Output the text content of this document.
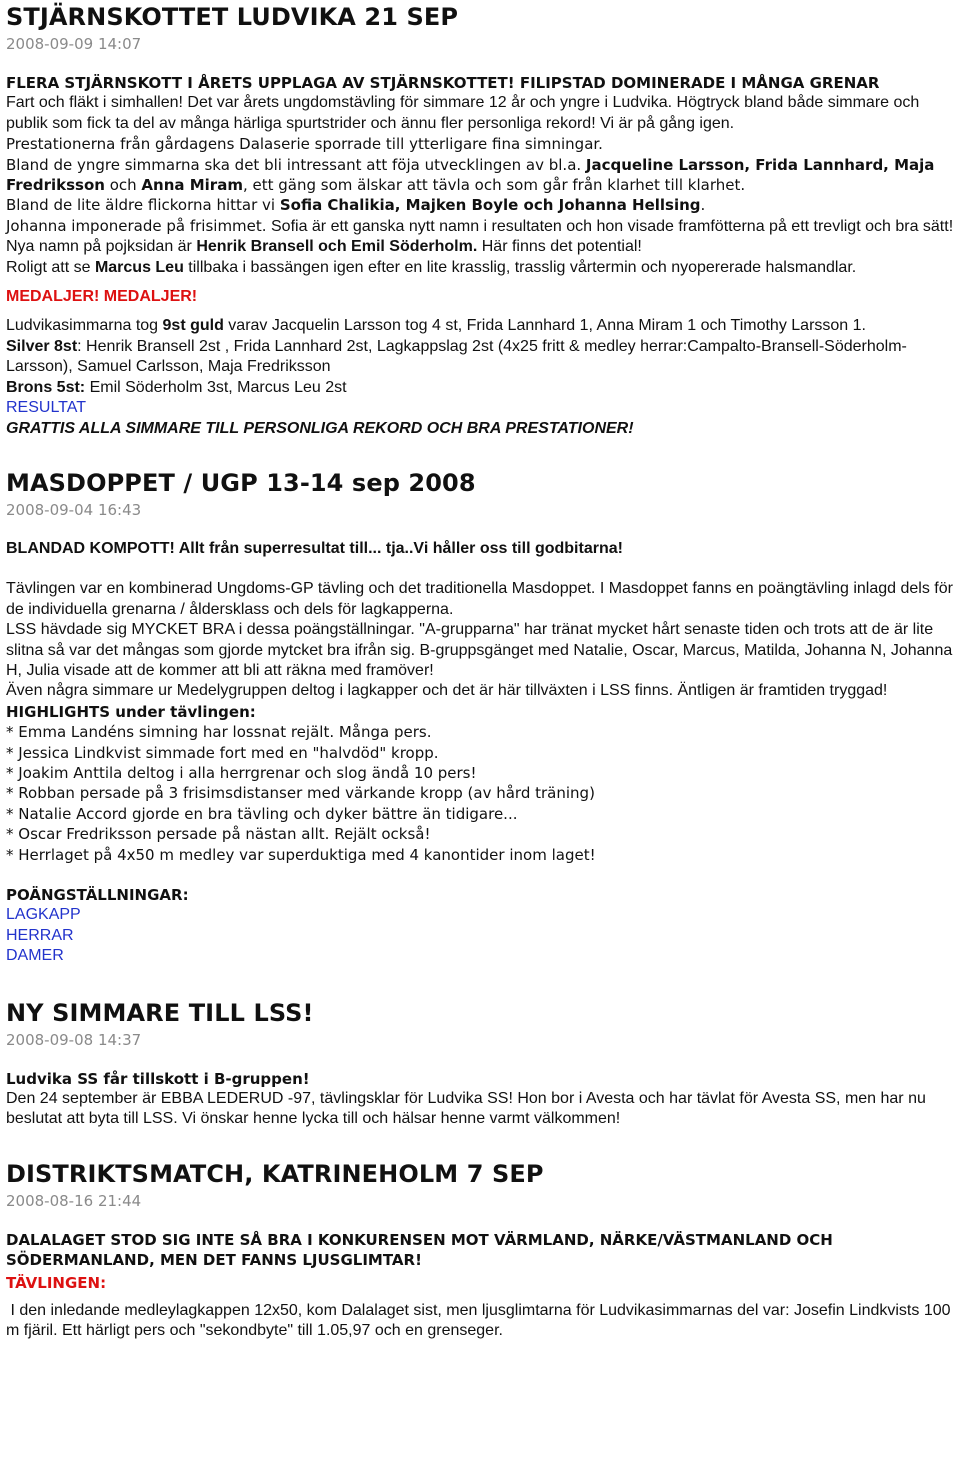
STJÄRNSKOTTET LUDVIKA 21 SEP

2008-09-09 14:07

FLERA STJÄRNSKOTT I ÅRETS UPPLAGA AV STJÄRNSKOTTET! FILIPSTAD DOMINERADE I MÅNGA GRENAR

Fart och fläkt i simhallen! Det var årets ungdomstävling för simmare 12 år och yngre i Ludvika. Högtryck bland både simmare och publik som fick ta del av många härliga spurtstrider och ännu fler personliga rekord! Vi är på gång igen.

Prestationerna från gårdagens Dalaserie sporrade till ytterligare fina simningar.

Bland de yngre simmarna ska det bli intressant att föja utvecklingen av bl.a. Jacqueline Larsson, Frida Lannhard, Maja Fredriksson och Anna Miram, ett gäng som älskar att tävla och som går från klarhet till klarhet.

Bland de lite äldre flickorna hittar vi Sofia Chalikia, Majken Boyle och Johanna Hellsing.

Johanna imponerade på frisimmet. Sofia är ett ganska nytt namn i resultaten och hon visade framfötterna på ett trevligt och bra sätt!

Nya namn på pojksidan är Henrik Bransell och Emil Söderholm. Här finns det potential!

Roligt att se Marcus Leu tillbaka i bassängen igen efter en lite krasslig, trasslig vårtermin och nyopererade halsmandlar.

MEDALJER! MEDALJER!

Ludvikasimmarna tog 9st guld varav Jacquelin Larsson tog 4 st, Frida Lannhard 1, Anna Miram 1 och Timothy Larsson 1.

Silver 8st: Henrik Bransell 2st , Frida Lannhard 2st, Lagkappslag 2st (4x25 fritt & medley herrar:Campalto-Bransell-Söderholm-Larsson), Samuel Carlsson, Maja Fredriksson

Brons 5st: Emil Söderholm 3st, Marcus Leu 2st

RESULTAT

GRATTIS ALLA SIMMARE TILL PERSONLIGA REKORD OCH BRA PRESTATIONER!

MASDOPPET / UGP 13-14 sep 2008

2008-09-04 16:43

BLANDAD KOMPOTT! Allt från superresultat till... tja..Vi håller oss till godbitarna!

Tävlingen var en kombinerad Ungdoms-GP tävling och det traditionella Masdoppet. I Masdoppet fanns en poängtävling inlagd dels för de individuella grenarna / åldersklass och dels för lagkapperna.

LSS hävdade sig MYCKET BRA i dessa poängställningar. "A-grupparna" har tränat mycket hårt senaste tiden och trots att de är lite slitna så var det mångas som gjorde mytcket bra ifrån sig. B-gruppsgänget med Natalie, Oscar, Marcus, Matilda, Johanna N, Johanna H, Julia visade att de kommer att bli att räkna med framöver!

Även några simmare ur Medelygruppen deltog i lagkapper och det är här tillväxten i LSS finns. Äntligen är framtiden tryggad!

HIGHLIGHTS under tävlingen:

* Emma Landéns simning har lossnat rejält. Många pers.

* Jessica Lindkvist simmade fort med en "halvdöd" kropp.

* Joakim Anttila deltog i alla herrgrenar och slog ändå 10 pers!

* Robban persade på 3 frisimsdistanser med värkande kropp (av hård träning)

* Natalie Accord gjorde en bra tävling och dyker bättre än tidigare...

* Oscar Fredriksson persade på nästan allt. Rejält också!

* Herrlaget på 4x50 m medley var superduktiga med 4 kanontider inom laget!

POÄNGSTÄLLNINGAR:

LAGKAPP

HERRAR

DAMER

NY SIMMARE TILL LSS!

2008-09-08 14:37

Ludvika SS får tillskott i B-gruppen!

Den 24 september är EBBA LEDERUD -97, tävlingsklar för Ludvika SS! Hon bor i Avesta och har tävlat för Avesta SS, men har nu beslutat att byta till LSS. Vi önskar henne lycka till och hälsar henne varmt välkommen!

DISTRIKTSMATCH, KATRINEHOLM 7 SEP

2008-08-16 21:44

DALALAGET STOD SIG INTE SÅ BRA I KONKURENSEN MOT VÄRMLAND, NÄRKE/VÄSTMANLAND OCH SÖDERMANLAND, MEN DET FANNS LJUSGLIMTAR!

TÄVLINGEN:

I den inledande medleylagkappen 12x50, kom Dalalaget sist, men ljusglimtarna för Ludvikasimmarnas del var: Josefin Lindkvists 100 m fjäril. Ett härligt pers och "sekondbyte" till 1.05,97 och en grenseger.
